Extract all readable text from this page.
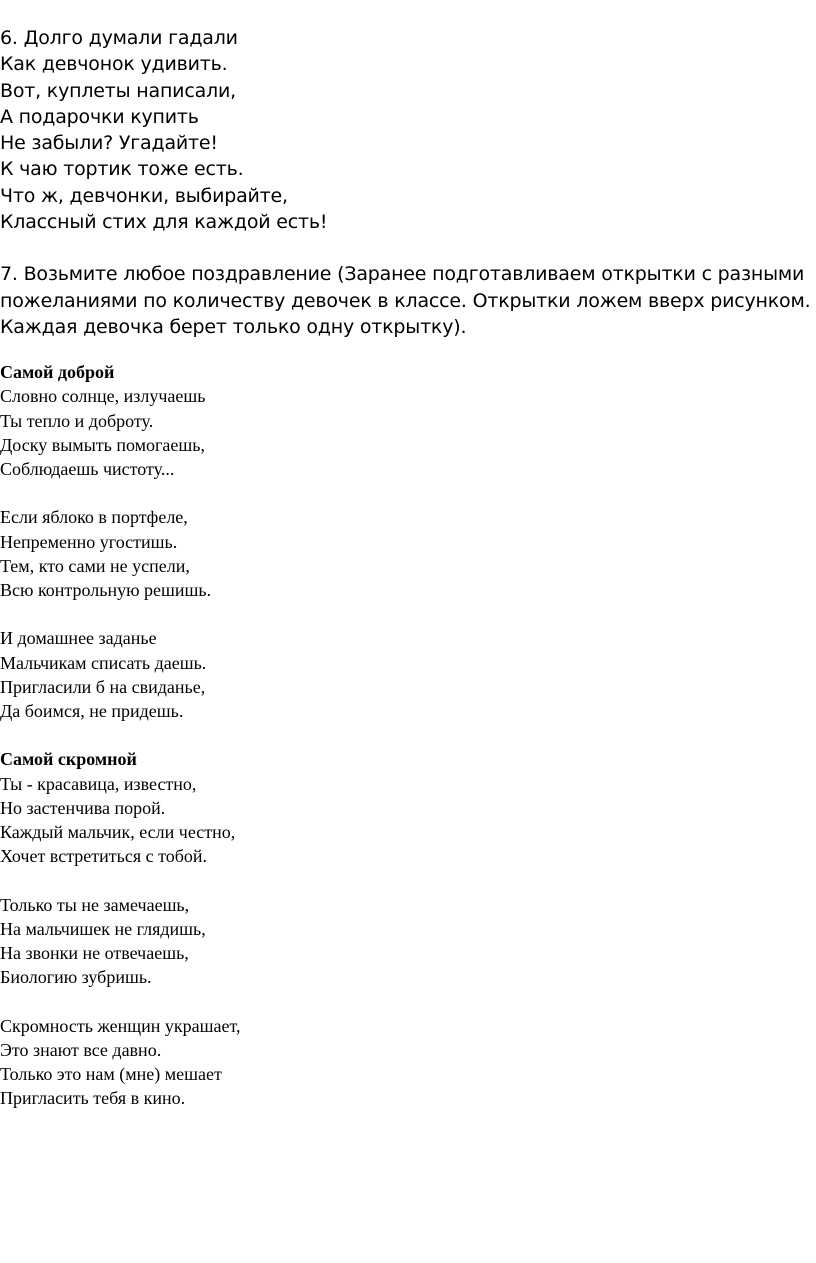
6. Долго думали гадали

Как девчонок удивить.

Вот, куплеты написали,

А подарочки купить

Не забыли? Угадайте!

К чаю тортик тоже есть.

Что ж, девчонки, выбирайте,

Классный стих для каждой есть!

7. Возьмите любое поздравление (Заранее подготавливаем открытки с разными

пожеланиями по количеству девочек в классе. Открытки ложем вверх рисунком.

Каждая девочка берет только одну открытку).

Самой доброй

Словно солнце, излучаешь

Ты тепло и доброту.

Доску вымыть помогаешь,

Соблюдаешь чистоту...

Если яблоко в портфеле,

Непременно угостишь.

Тем, кто сами не успели,

Всю контрольную решишь.

И домашнее заданье

Мальчикам списать даешь.

Пригласили б на свиданье,

Да боимся, не придешь.

Самой скромной

Ты - красавица, известно,

Но застенчива порой.

Каждый мальчик, если честно,

Хочет встретиться с тобой.

Только ты не замечаешь,

На мальчишек не глядишь,

На звонки не отвечаешь,

Биологию зубришь.

Скромность женщин украшает,

Это знают все давно.

Только это нам (мне) мешает

Пригласить тебя в кино.
